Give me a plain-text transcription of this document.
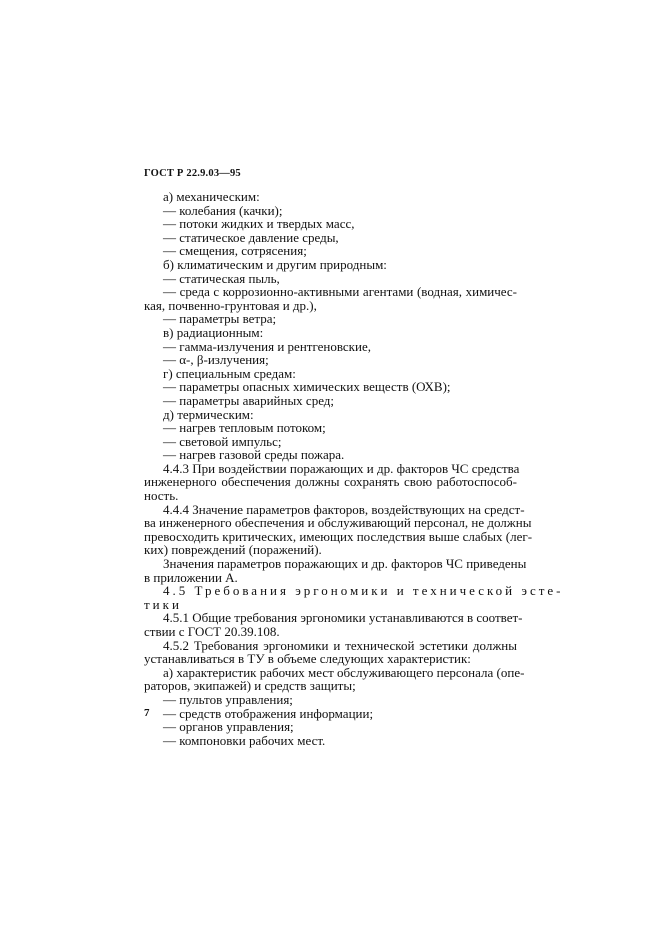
ГОСТ Р 22.9.03—95

а) механическим:

— колебания (качки);

— потоки жидких и твердых масс,

— статическое давление среды,

— смещения, сотрясения;

б) климатическим и другим природным:

— статическая пыль,

— среда с коррозионно-активными агентами (водная, химичес-

кая, почвенно-грунтовая и др.),

— параметры ветра;

в) радиационным:

— гамма-излучения и рентгеновские,

— α-, β-излучения;

г) специальным средам:

— параметры опасных химических веществ (ОХВ);

— параметры аварийных сред;

д) термическим:

— нагрев тепловым потоком;

— световой импульс;

— нагрев газовой среды пожара.

4.4.3 При воздействии поражающих и др. факторов ЧС средства

инженерного обеспечения должны сохранять свою работоспособ-

ность.

4.4.4 Значение параметров факторов, воздействующих на средст-

ва инженерного обеспечения и обслуживающий персонал, не должны

превосходить критических, имеющих последствия выше слабых (лег-

ких) повреждений (поражений).

Значения параметров поражающих и др. факторов ЧС приведены

в приложении А.

4.5 Требования эргономики и технической эсте-

тики

4.5.1 Общие требования эргономики устанавливаются в соответ-

ствии с ГОСТ 20.39.108.

4.5.2 Требования эргономики и технической эстетики должны

устанавливаться в ТУ в объеме следующих характеристик:

а) характеристик рабочих мест обслуживающего персонала (опе-

раторов, экипажей) и средств защиты;

— пультов управления;

— средств отображения информации;

— органов управления;

— компоновки рабочих мест.

7
